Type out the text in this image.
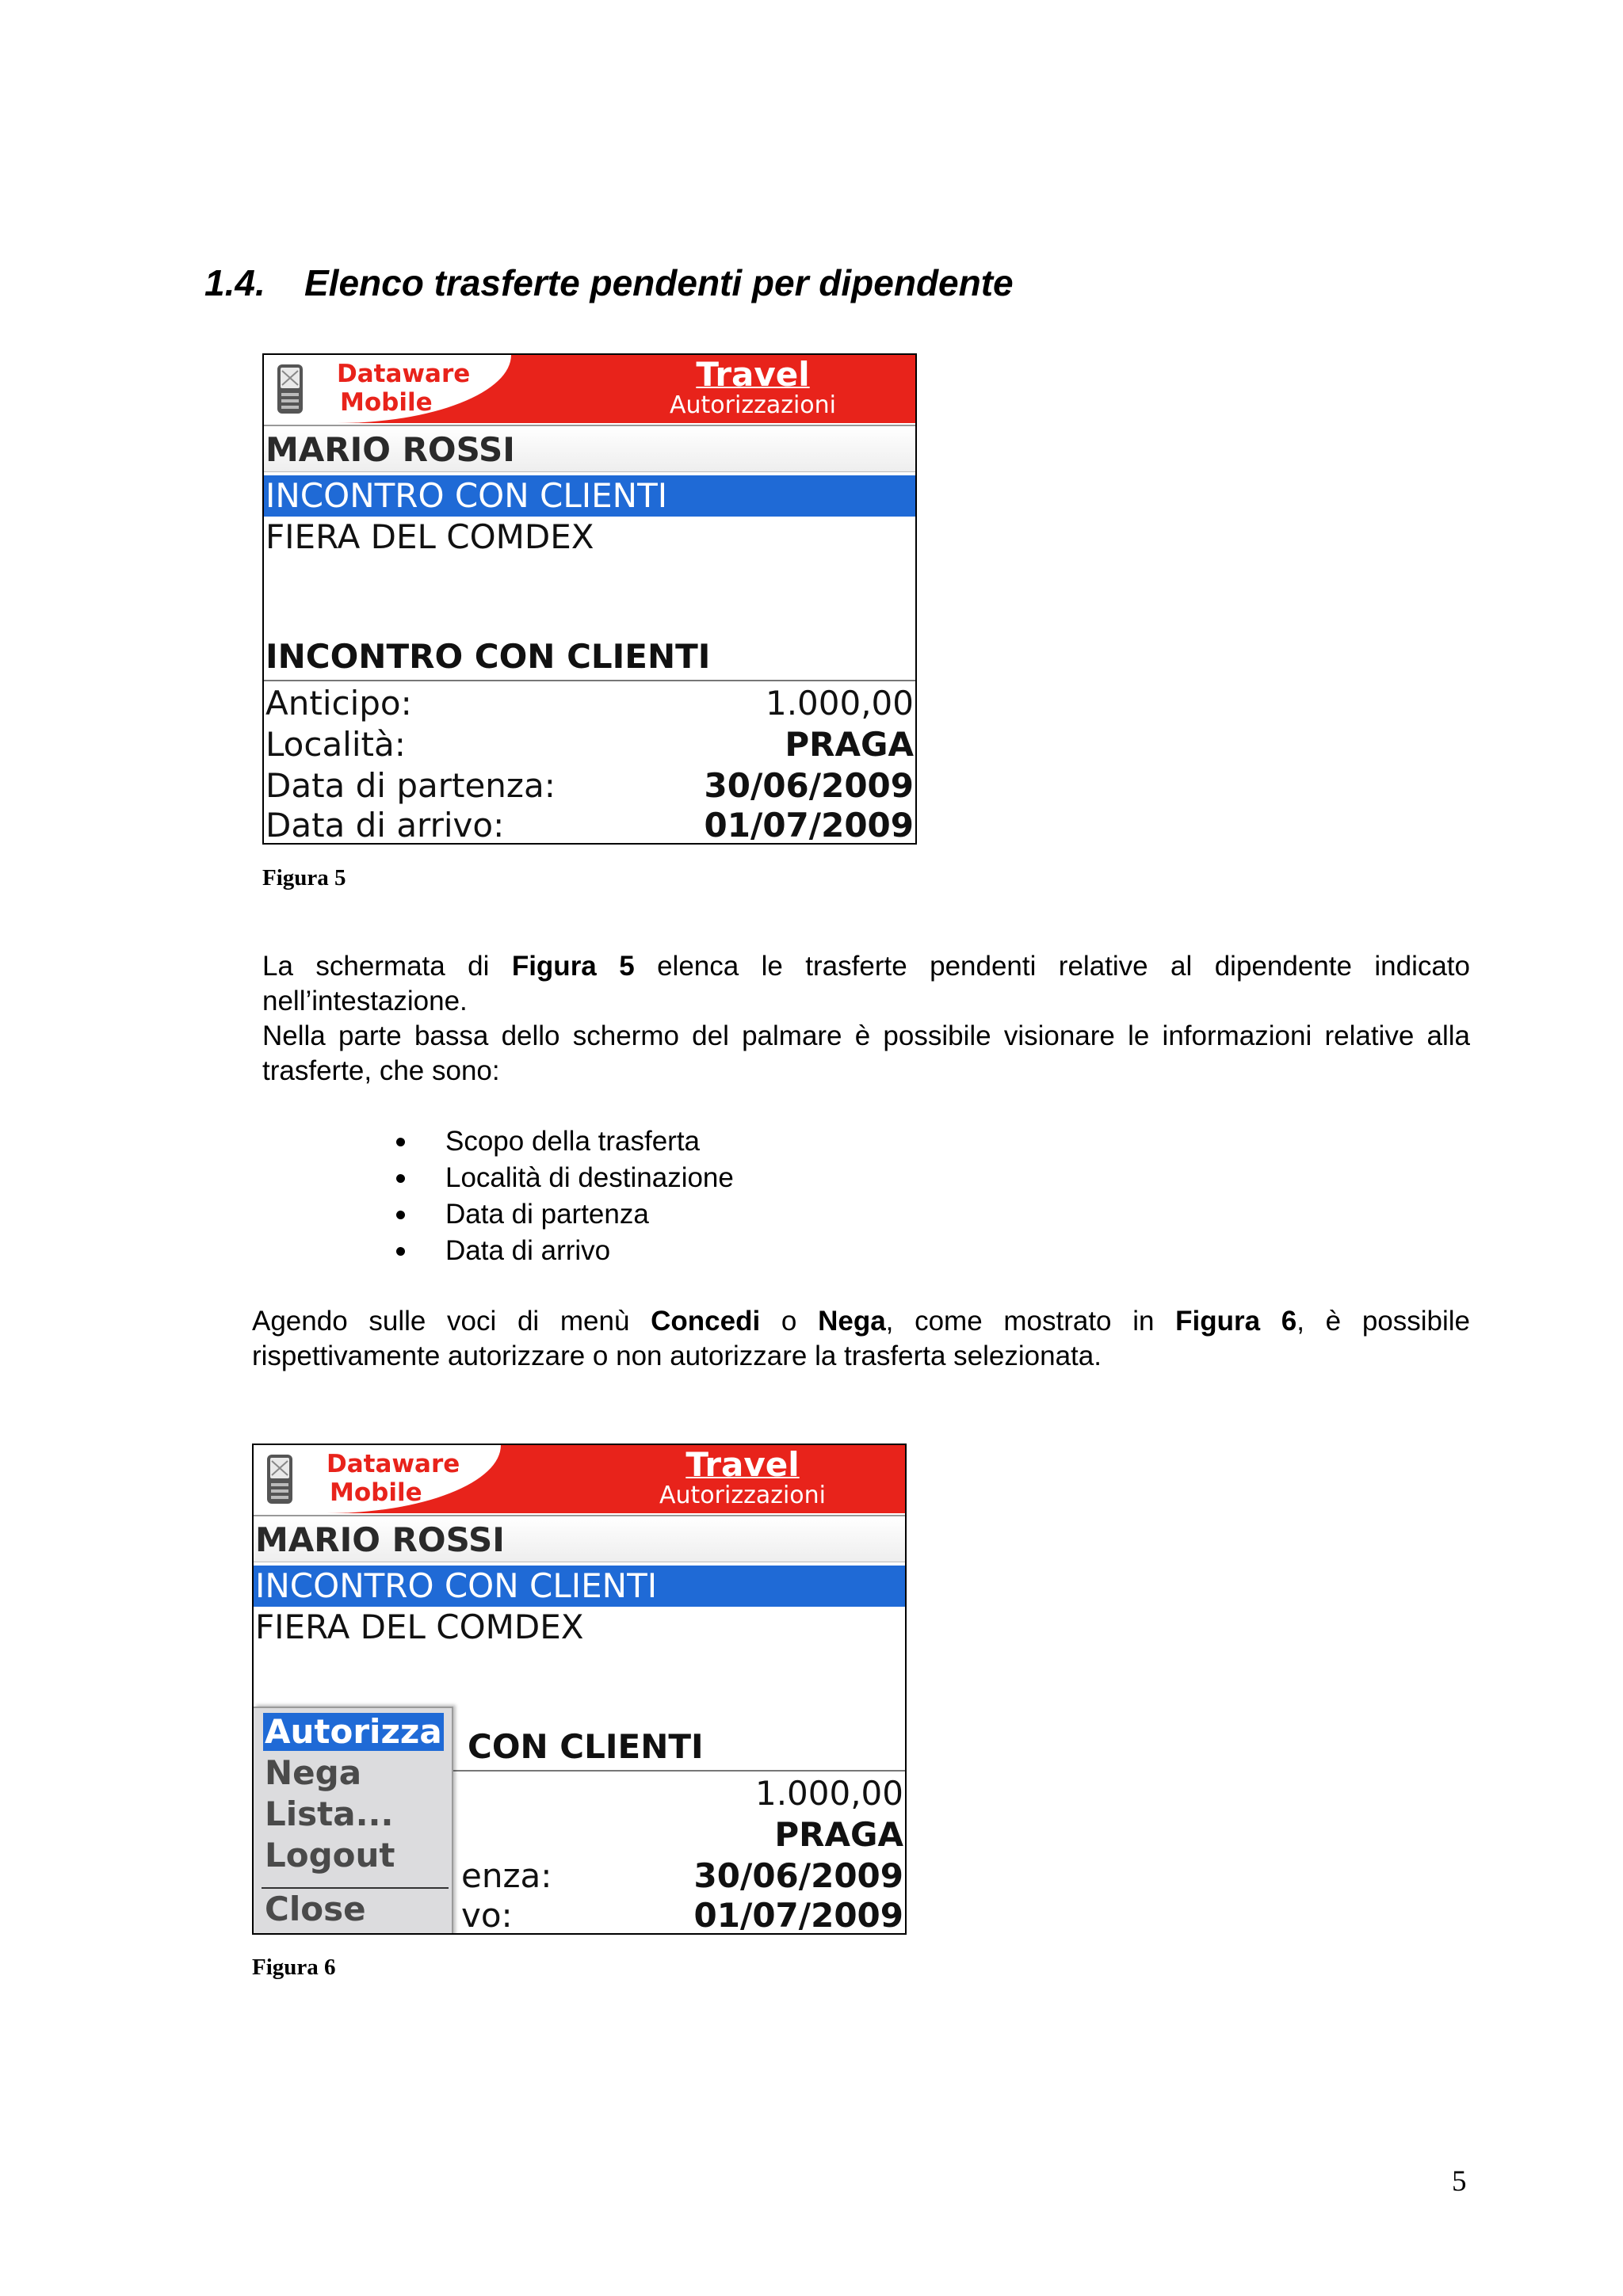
1.4. Elenco trasferte pendenti per dipendente
Dataware
Mobile
Travel
Autorizzazioni
MARIO ROSSI
INCONTRO CON CLIENTI
FIERA DEL COMDEX
INCONTRO CON CLIENTI
Anticipo:	1.000,00
Località:	PRAGA
Data di partenza:	30/06/2009
Data di arrivo:	01/07/2009

Figura 5

La schermata di Figura 5 elenca le trasferte pendenti relative al dipendente indicato nell’intestazione.

Nella parte bassa dello schermo del palmare è possibile visionare le informazioni relative alla trasferte, che sono:

Scopo della trasferta
Località di destinazione
Data di partenza
Data di arrivo

Agendo sulle voci di menù Concedi o Nega, come mostrato in Figura 6, è possibile rispettivamente autorizzare o non autorizzare la trasferta selezionata.

Dataware
Mobile
Travel
Autorizzazioni
MARIO ROSSI
INCONTRO CON CLIENTI
FIERA DEL COMDEX
CON CLIENTI
1.000,00
PRAGA
enza:	30/06/2009
vo:	01/07/2009
Autorizza
Nega
Lista...
Logout
Close

Figura 6

5
